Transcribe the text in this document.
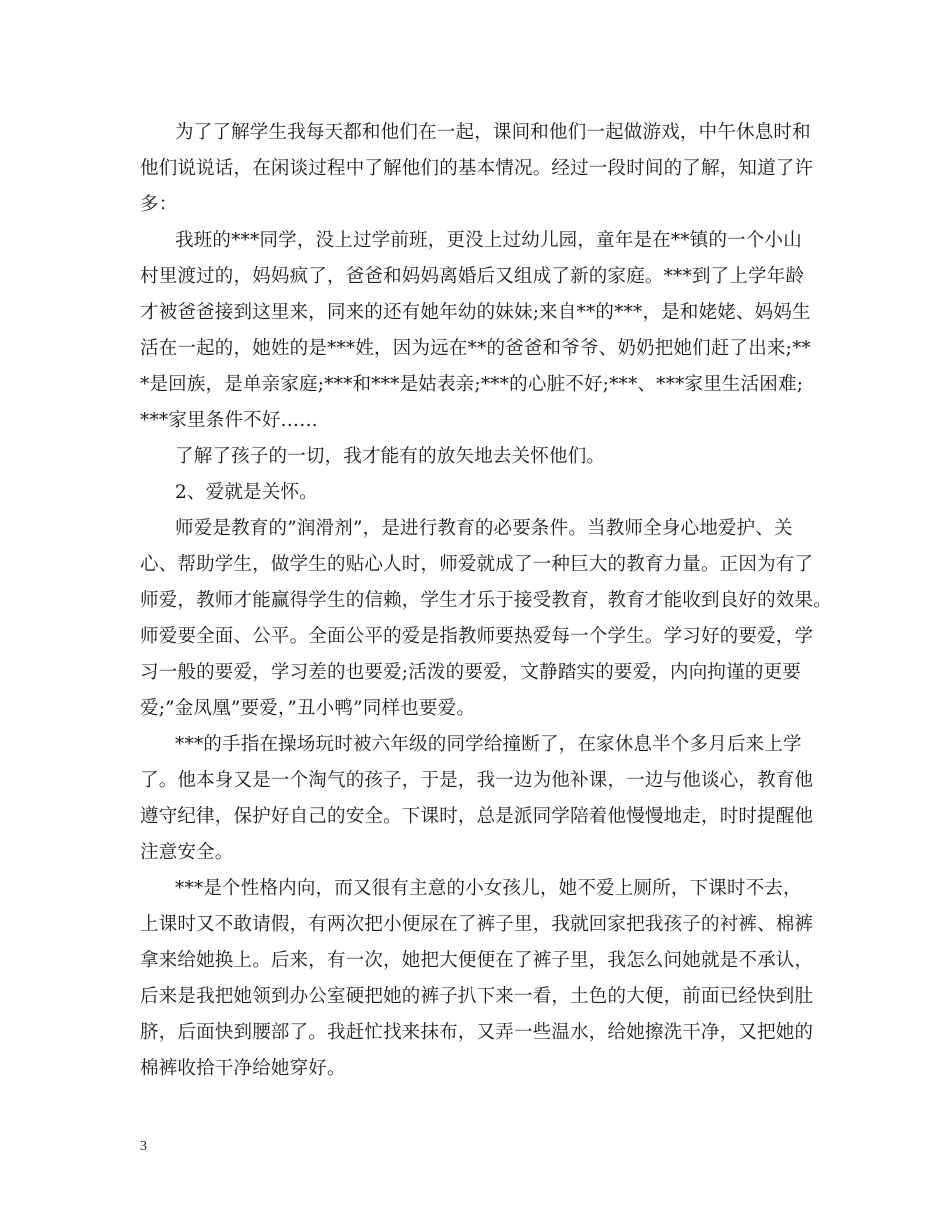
为了了解学生我每天都和他们在一起，课间和他们一起做游戏，中午休息时和
他们说说话，在闲谈过程中了解他们的基本情况。经过一段时间的了解，知道了许
多：
我班的***同学，没上过学前班，更没上过幼儿园，童年是在**镇的一个小山
村里渡过的，妈妈疯了，爸爸和妈妈离婚后又组成了新的家庭。***到了上学年龄
才被爸爸接到这里来，同来的还有她年幼的妹妹;来自**的***，是和姥姥、妈妈生
活在一起的，她姓的是***姓，因为远在**的爸爸和爷爷、奶奶把她们赶了出来;**
*是回族，是单亲家庭;***和***是姑表亲;***的心脏不好;***、***家里生活困难;
***家里条件不好……
了解了孩子的一切，我才能有的放矢地去关怀他们。
2、爱就是关怀。
师爱是教育的”润滑剂”，是进行教育的必要条件。当教师全身心地爱护、关
心、帮助学生，做学生的贴心人时，师爱就成了一种巨大的教育力量。正因为有了
师爱，教师才能赢得学生的信赖，学生才乐于接受教育，教育才能收到良好的效果。
师爱要全面、公平。全面公平的爱是指教师要热爱每一个学生。学习好的要爱，学
习一般的要爱，学习差的也要爱;活泼的要爱，文静踏实的要爱，内向拘谨的更要
爱;”金凤凰”要爱，”丑小鸭”同样也要爱。
***的手指在操场玩时被六年级的同学给撞断了，在家休息半个多月后来上学
了。他本身又是一个淘气的孩子，于是，我一边为他补课，一边与他谈心，教育他
遵守纪律，保护好自己的安全。下课时，总是派同学陪着他慢慢地走，时时提醒他
注意安全。
***是个性格内向，而又很有主意的小女孩儿，她不爱上厕所，下课时不去，
上课时又不敢请假，有两次把小便尿在了裤子里，我就回家把我孩子的衬裤、棉裤
拿来给她换上。后来，有一次，她把大便便在了裤子里，我怎么问她就是不承认，
后来是我把她领到办公室硬把她的裤子扒下来一看，土色的大便，前面已经快到肚
脐，后面快到腰部了。我赶忙找来抹布，又弄一些温水，给她擦洗干净，又把她的
棉裤收拾干净给她穿好。
3
